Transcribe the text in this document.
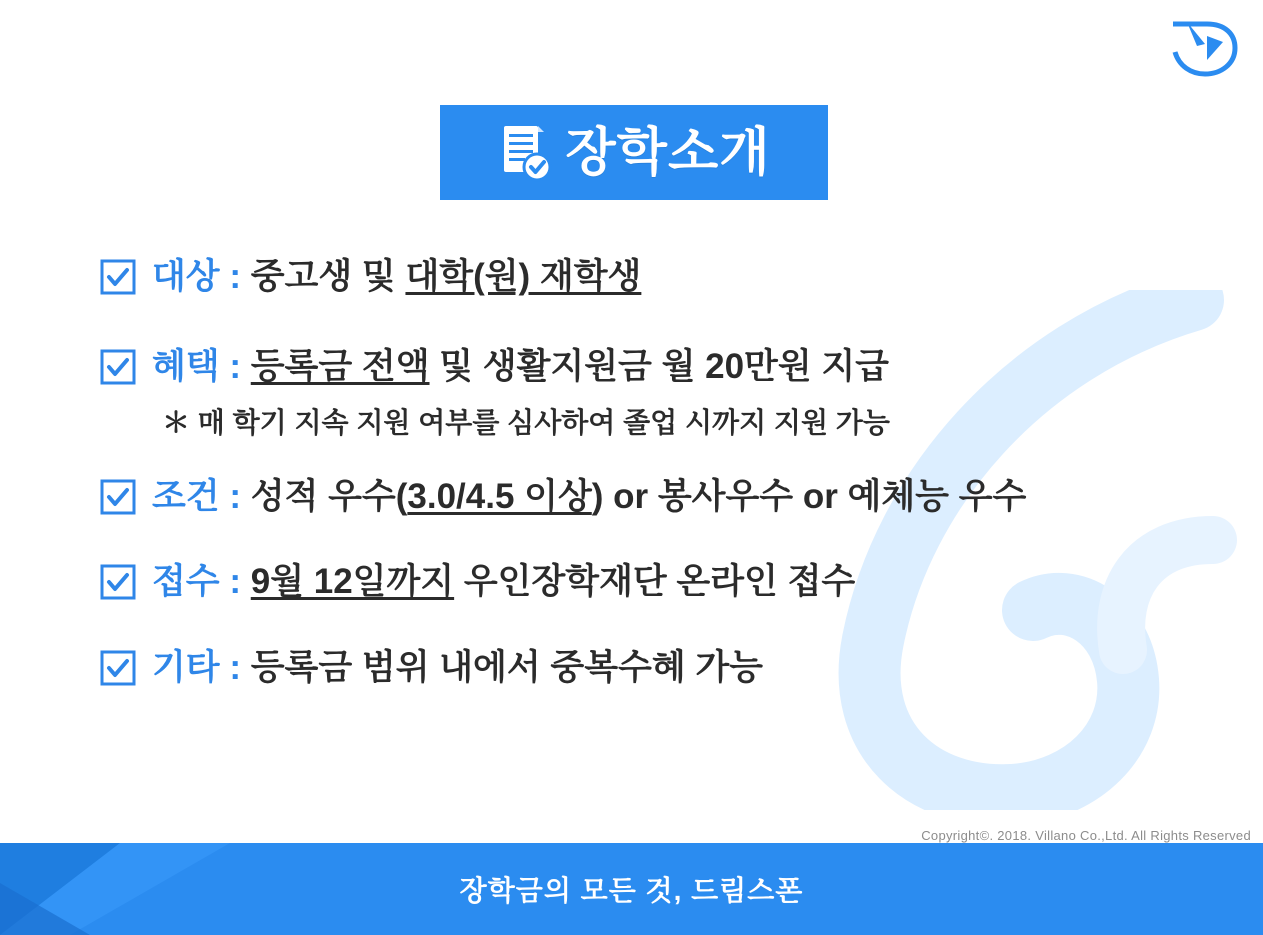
장학소개
대상 : 중고생 및 대학(원) 재학생
혜택 : 등록금 전액 및 생활지원금 월 20만원 지급
＊ 매 학기 지속 지원 여부를 심사하여 졸업 시까지 지원 가능
조건 : 성적 우수(3.0/4.5 이상) or 봉사우수 or 예체능 우수
접수 : 9월 12일까지 우인장학재단 온라인 접수
기타 : 등록금 범위 내에서 중복수혜 가능
Copyright©. 2018. Villano Co.,Ltd. All Rights Reserved
장학금의 모든 것, 드림스폰
